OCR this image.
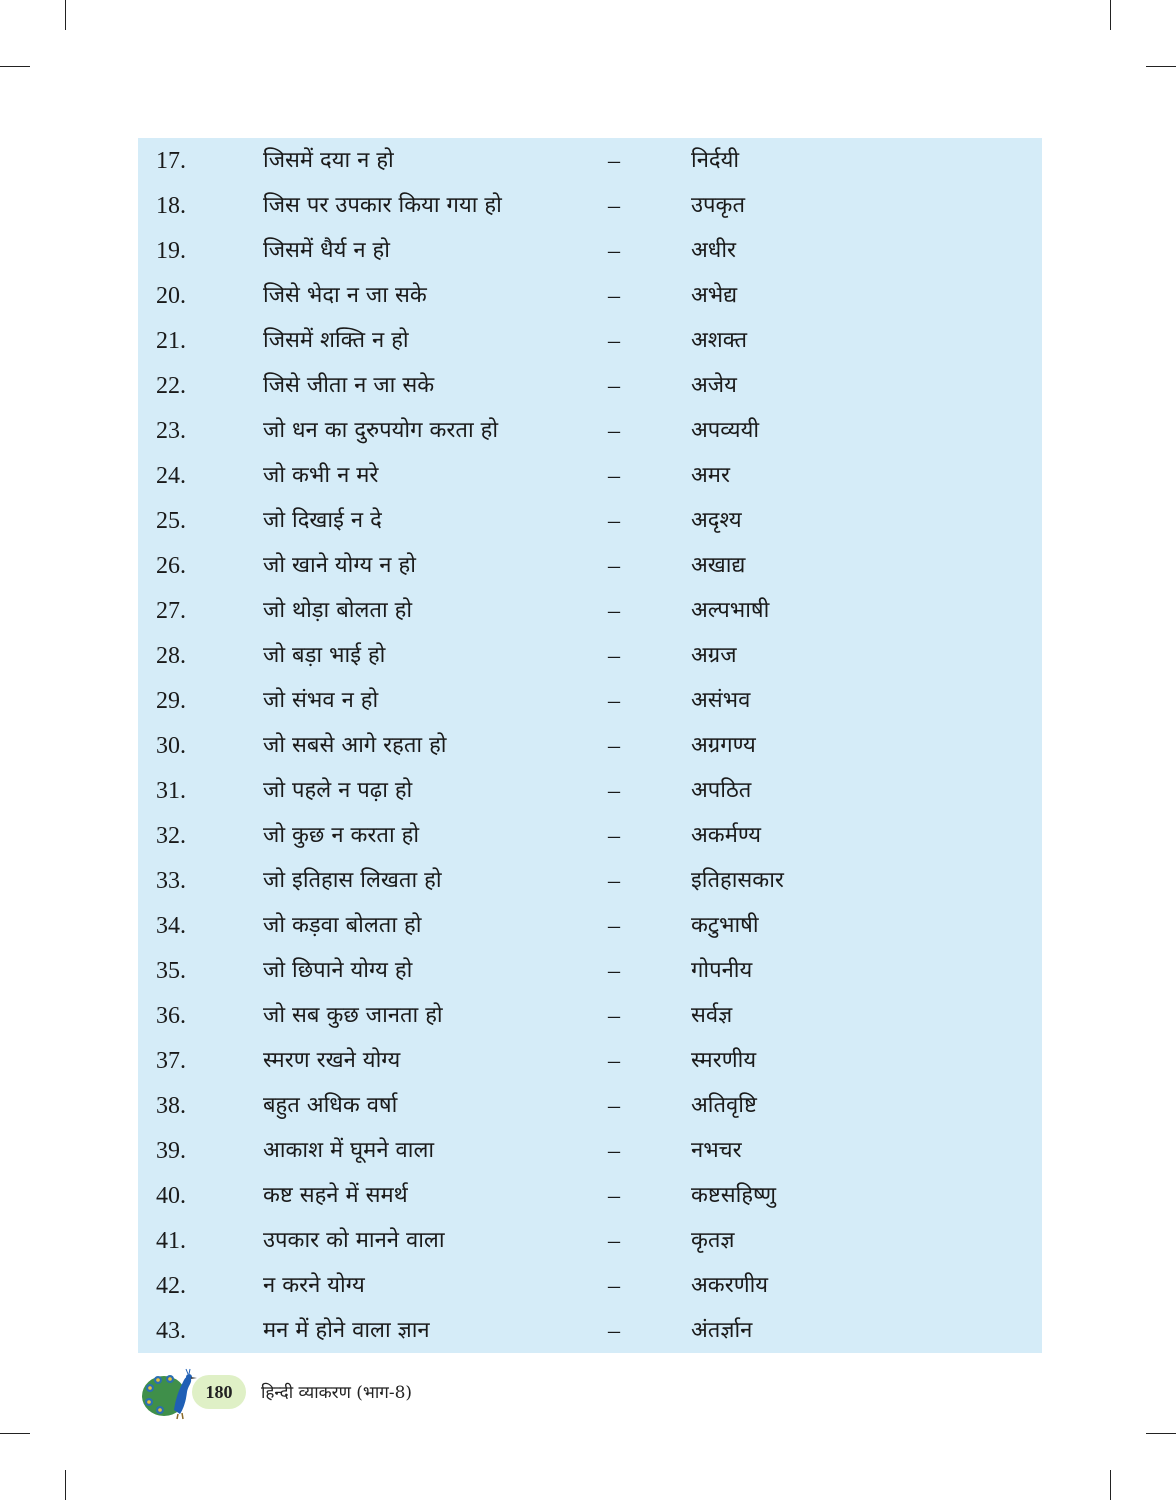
17.	जिसमें दया न हो	–	निर्दयी
18.	जिस पर उपकार किया गया हो	–	उपकृत
19.	जिसमें धैर्य न हो	–	अधीर
20.	जिसे भेदा न जा सके	–	अभेद्य
21.	जिसमें शक्ति न हो	–	अशक्त
22.	जिसे जीता न जा सके	–	अजेय
23.	जो धन का दुरुपयोग करता हो	–	अपव्ययी
24.	जो कभी न मरे	–	अमर
25.	जो दिखाई न दे	–	अदृश्य
26.	जो खाने योग्य न हो	–	अखाद्य
27.	जो थोड़ा बोलता हो	–	अल्पभाषी
28.	जो बड़ा भाई हो	–	अग्रज
29.	जो संभव न हो	–	असंभव
30.	जो सबसे आगे रहता हो	–	अग्रगण्य
31.	जो पहले न पढ़ा हो	–	अपठित
32.	जो कुछ न करता हो	–	अकर्मण्य
33.	जो इतिहास लिखता हो	–	इतिहासकार
34.	जो कड़वा बोलता हो	–	कटुभाषी
35.	जो छिपाने योग्य हो	–	गोपनीय
36.	जो सब कुछ जानता हो	–	सर्वज्ञ
37.	स्मरण रखने योग्य	–	स्मरणीय
38.	बहुत अधिक वर्षा	–	अतिवृष्टि
39.	आकाश में घूमने वाला	–	नभचर
40.	कष्ट सहने में समर्थ	–	कष्टसहिष्णु
41.	उपकार को मानने वाला	–	कृतज्ञ
42.	न करने योग्य	–	अकरणीय
43.	मन में होने वाला ज्ञान	–	अंतर्ज्ञान
180 हिन्दी व्याकरण (भाग-8)
